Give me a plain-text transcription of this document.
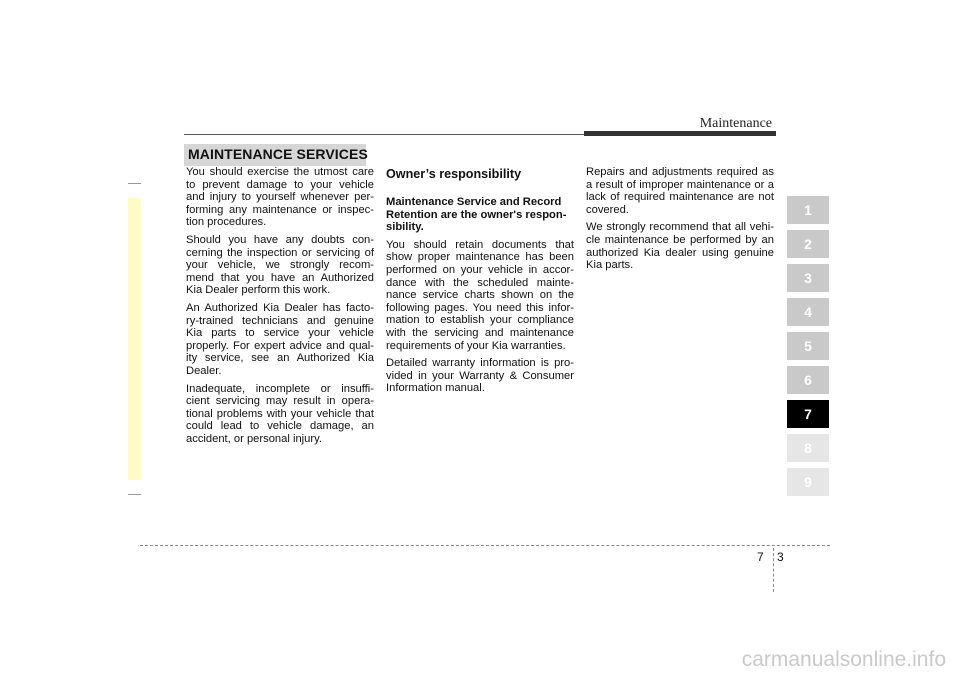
Maintenance
MAINTENANCE SERVICES

You should exercise the utmost care to prevent damage to your vehicle and injury to yourself whenever per-forming any maintenance or inspec-tion procedures.

Should you have any doubts con-cerning the inspection or servicing of your vehicle, we strongly recom-mend that you have an Authorized Kia Dealer perform this work.

An Authorized Kia Dealer has facto-ry-trained technicians and genuine Kia parts to service your vehicle properly. For expert advice and qual-ity service, see an Authorized Kia Dealer.

Inadequate, incomplete or insuffi-cient servicing may result in opera-tional problems with your vehicle that could lead to vehicle damage, an accident, or personal injury.

Owner’s responsibility

Maintenance Service and Record Retention are the owner's respon-sibility.

You should retain documents that show proper maintenance has been performed on your vehicle in accor-dance with the scheduled mainte-nance service charts shown on the following pages. You need this infor-mation to establish your compliance with the servicing and maintenance requirements of your Kia warranties.

Detailed warranty information is pro-vided in your Warranty & Consumer Information manual.

Repairs and adjustments required as a result of improper maintenance or a lack of required maintenance are not covered.

We strongly recommend that all vehi-cle maintenance be performed by an authorized Kia dealer using genuine Kia parts.

1
2
3
4
5
6
7
8
9
7 3
carmanualsonline.info
